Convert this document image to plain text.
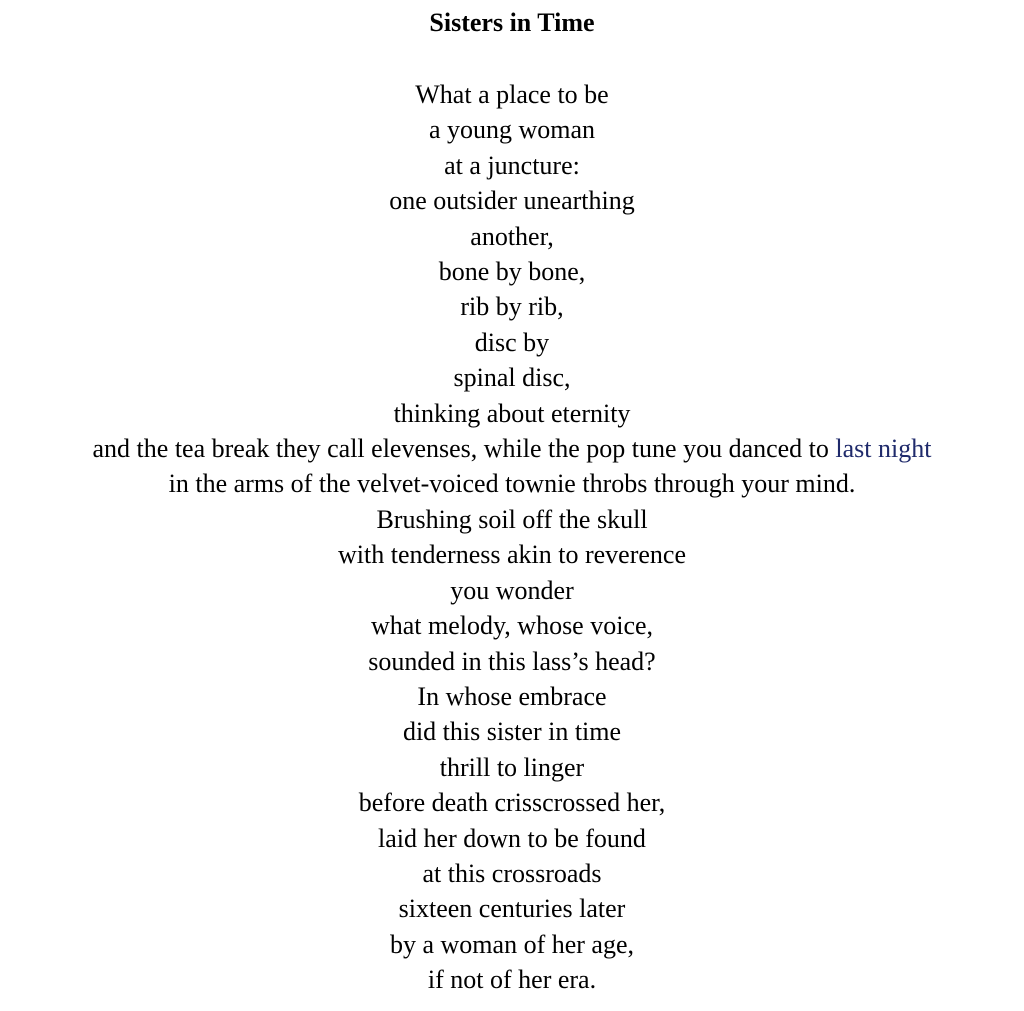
Sisters in Time
What a place to be
a young woman
at a juncture:
one outsider unearthing
another,
bone by bone,
rib by rib,
disc by
spinal disc,
thinking about eternity
and the tea break they call elevenses, while the pop tune you danced to last night
in the arms of the velvet-voiced townie throbs through your mind.
Brushing soil off the skull
with tenderness akin to reverence
you wonder
what melody, whose voice,
sounded in this lass’s head?
In whose embrace
did this sister in time
thrill to linger
before death crisscrossed her,
laid her down to be found
at this crossroads
sixteen centuries later
by a woman of her age,
if not of her era.
